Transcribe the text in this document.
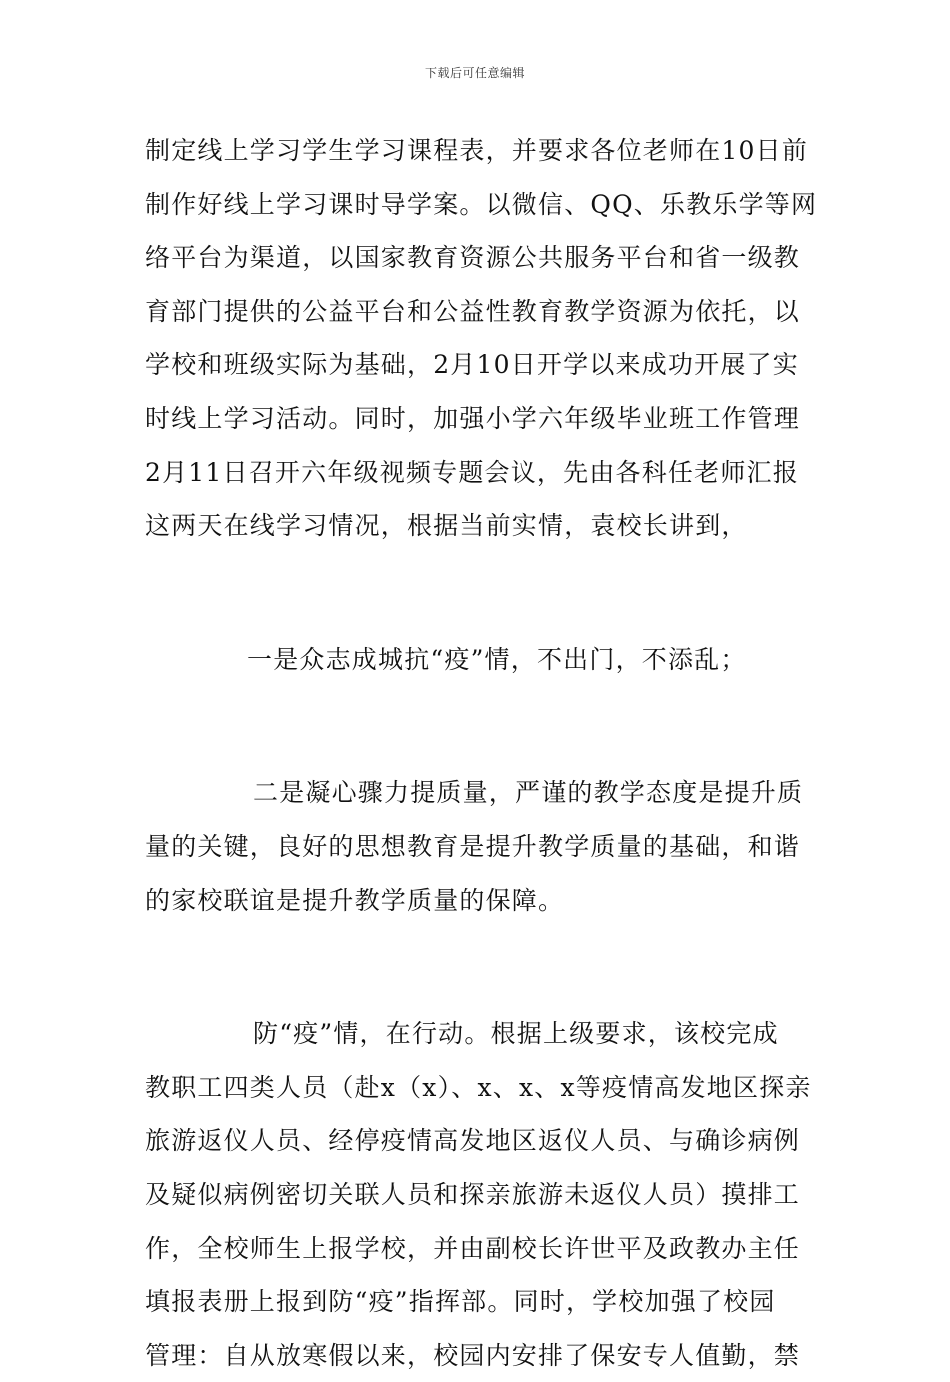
下载后可任意编辑
制定线上学习学生学习课程表，并要求各位老师在10日前
制作好线上学习课时导学案。以微信、QQ、乐教乐学等网
络平台为渠道，以国家教育资源公共服务平台和省一级教
育部门提供的公益平台和公益性教育教学资源为依托，以
学校和班级实际为基础，2月10日开学以来成功开展了实
时线上学习活动。同时，加强小学六年级毕业班工作管理
2月11日召开六年级视频专题会议，先由各科任老师汇报
这两天在线学习情况，根据当前实情，袁校长讲到，
一是众志成城抗“疫”情，不出门，不添乱；
二是凝心骤力提质量，严谨的教学态度是提升质
量的关键，良好的思想教育是提升教学质量的基础，和谐
的家校联谊是提升教学质量的保障。
防“疫”情，在行动。根据上级要求，该校完成
教职工四类人员（赴x（x）、x、x、x等疫情高发地区探亲
旅游返仪人员、经停疫情高发地区返仪人员、与确诊病例
及疑似病例密切关联人员和探亲旅游未返仪人员）摸排工
作，全校师生上报学校，并由副校长许世平及政教办主任
填报表册上报到防“疫”指挥部。同时，学校加强了校园
管理：自从放寒假以来，校园内安排了保安专人值勤，禁
